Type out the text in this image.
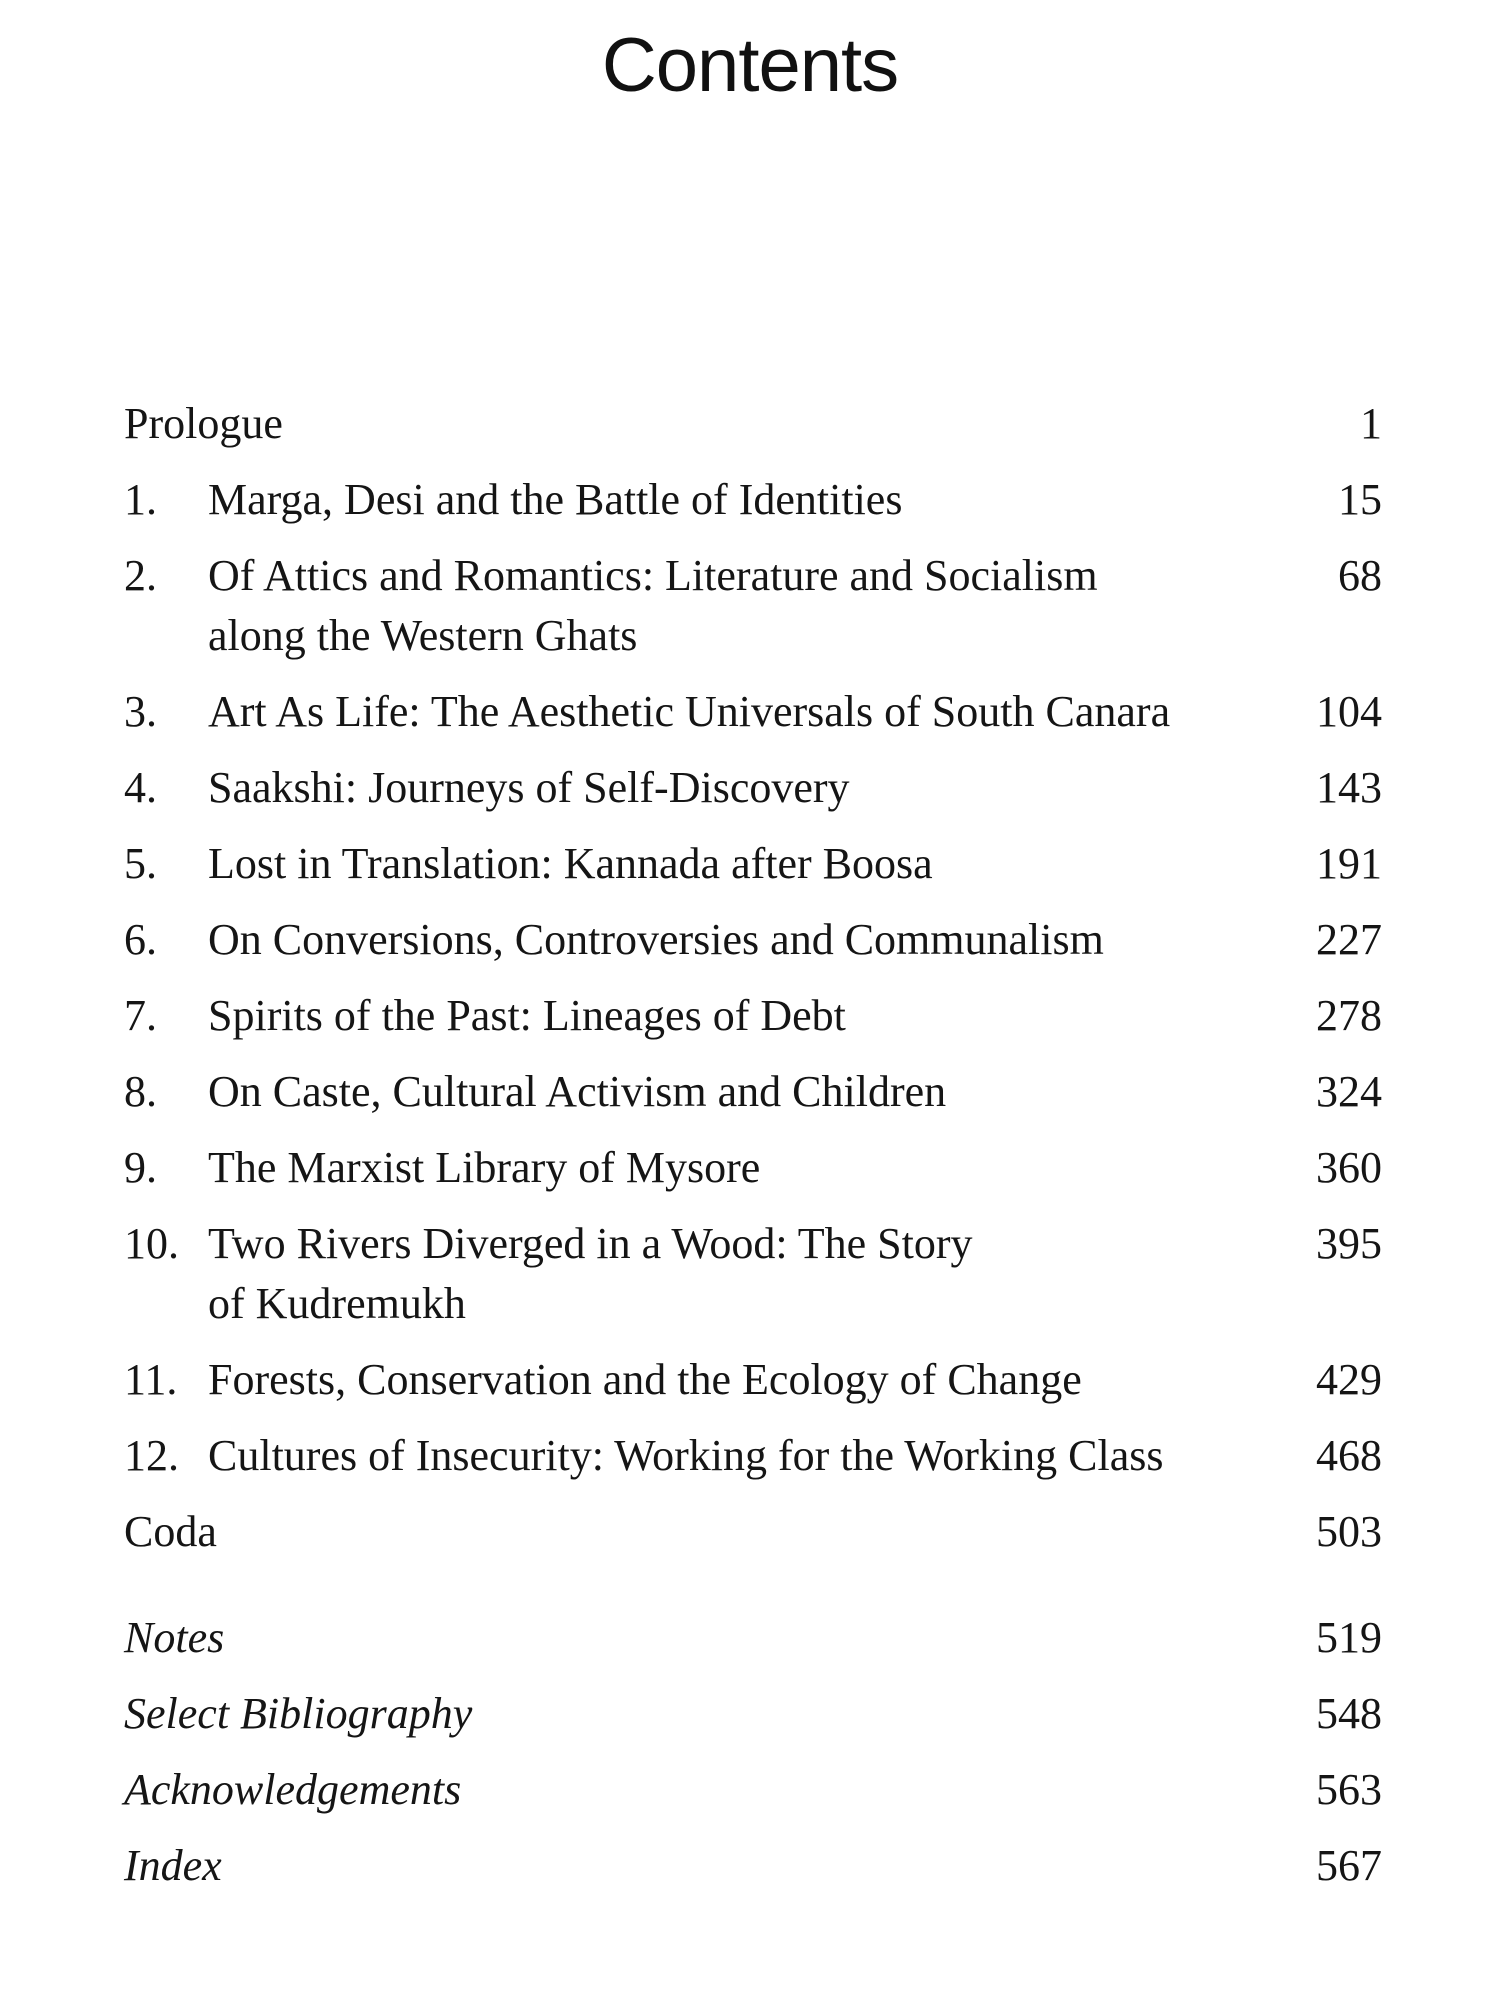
Contents
Prologue	1
1. Marga, Desi and the Battle of Identities	15
2. Of Attics and Romantics: Literature and Socialism	68
along the Western Ghats
3. Art As Life: The Aesthetic Universals of South Canara	104
4. Saakshi: Journeys of Self-Discovery	143
5. Lost in Translation: Kannada after Boosa	191
6. On Conversions, Controversies and Communalism	227
7. Spirits of the Past: Lineages of Debt	278
8. On Caste, Cultural Activism and Children	324
9. The Marxist Library of Mysore	360
10. Two Rivers Diverged in a Wood: The Story	395
of Kudremukh
11. Forests, Conservation and the Ecology of Change	429
12. Cultures of Insecurity: Working for the Working Class	468
Coda	503
Notes	519
Select Bibliography	548
Acknowledgements	563
Index	567
